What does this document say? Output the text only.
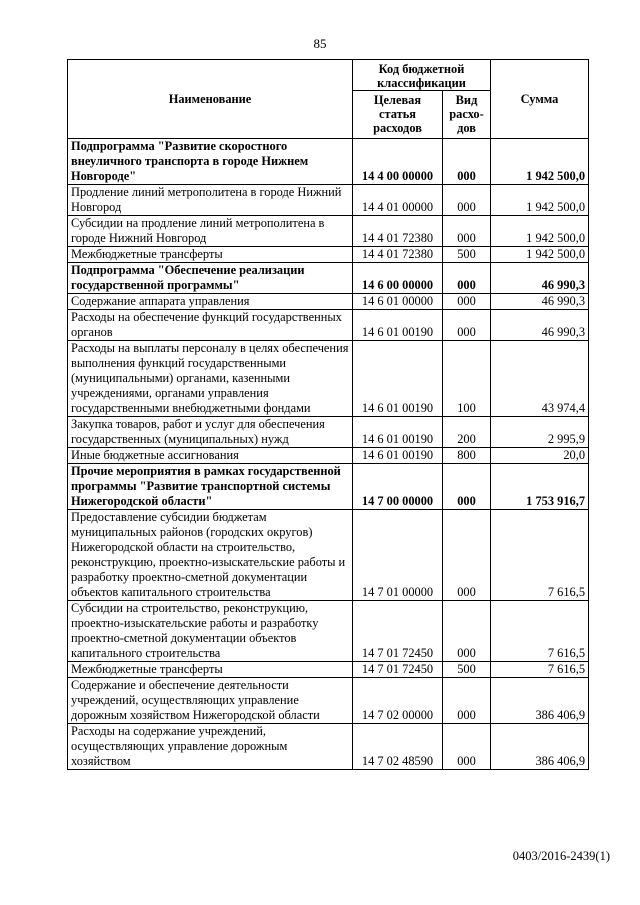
85
Наименование	Код бюджетной классификации		Сумма
	Целевая статья расходов	Вид расхо-дов	
Подпрограмма "Развитие скоростного внеуличного транспорта в городе Нижнем Новгороде"	14 4 00 00000	000	1 942 500,0
Продление линий метрополитена в городе Нижний Новгород	14 4 01 00000	000	1 942 500,0
Субсидии на продление линий метрополитена в городе Нижний Новгород	14 4 01 72380	000	1 942 500,0
Межбюджетные трансферты	14 4 01 72380	500	1 942 500,0
Подпрограмма "Обеспечение реализации государственной программы"	14 6 00 00000	000	46 990,3
Содержание аппарата управления	14 6 01 00000	000	46 990,3
Расходы на обеспечение функций государственных органов	14 6 01 00190	000	46 990,3
Расходы на выплаты персоналу в целях обеспечения выполнения функций государственными (муниципальными) органами, казенными учреждениями, органами управления государственными внебюджетными фондами	14 6 01 00190	100	43 974,4
Закупка товаров, работ и услуг для обеспечения государственных (муниципальных) нужд	14 6 01 00190	200	2 995,9
Иные бюджетные ассигнования	14 6 01 00190	800	20,0
Прочие мероприятия в рамках государственной программы "Развитие транспортной системы Нижегородской области"	14 7 00 00000	000	1 753 916,7
Предоставление субсидии бюджетам муниципальных районов (городских округов) Нижегородской области на строительство, реконструкцию, проектно-изыскательские работы и разработку проектно-сметной документации объектов капитального строительства	14 7 01 00000	000	7 616,5
Субсидии на строительство, реконструкцию, проектно-изыскательские работы и разработку проектно-сметной документации объектов капитального строительства	14 7 01 72450	000	7 616,5
Межбюджетные трансферты	14 7 01 72450	500	7 616,5
Содержание и обеспечение деятельности учреждений, осуществляющих управление дорожным хозяйством Нижегородской области	14 7 02 00000	000	386 406,9
Расходы на содержание учреждений, осуществляющих управление дорожным хозяйством	14 7 02 48590	000	386 406,9
0403/2016-2439(1)
